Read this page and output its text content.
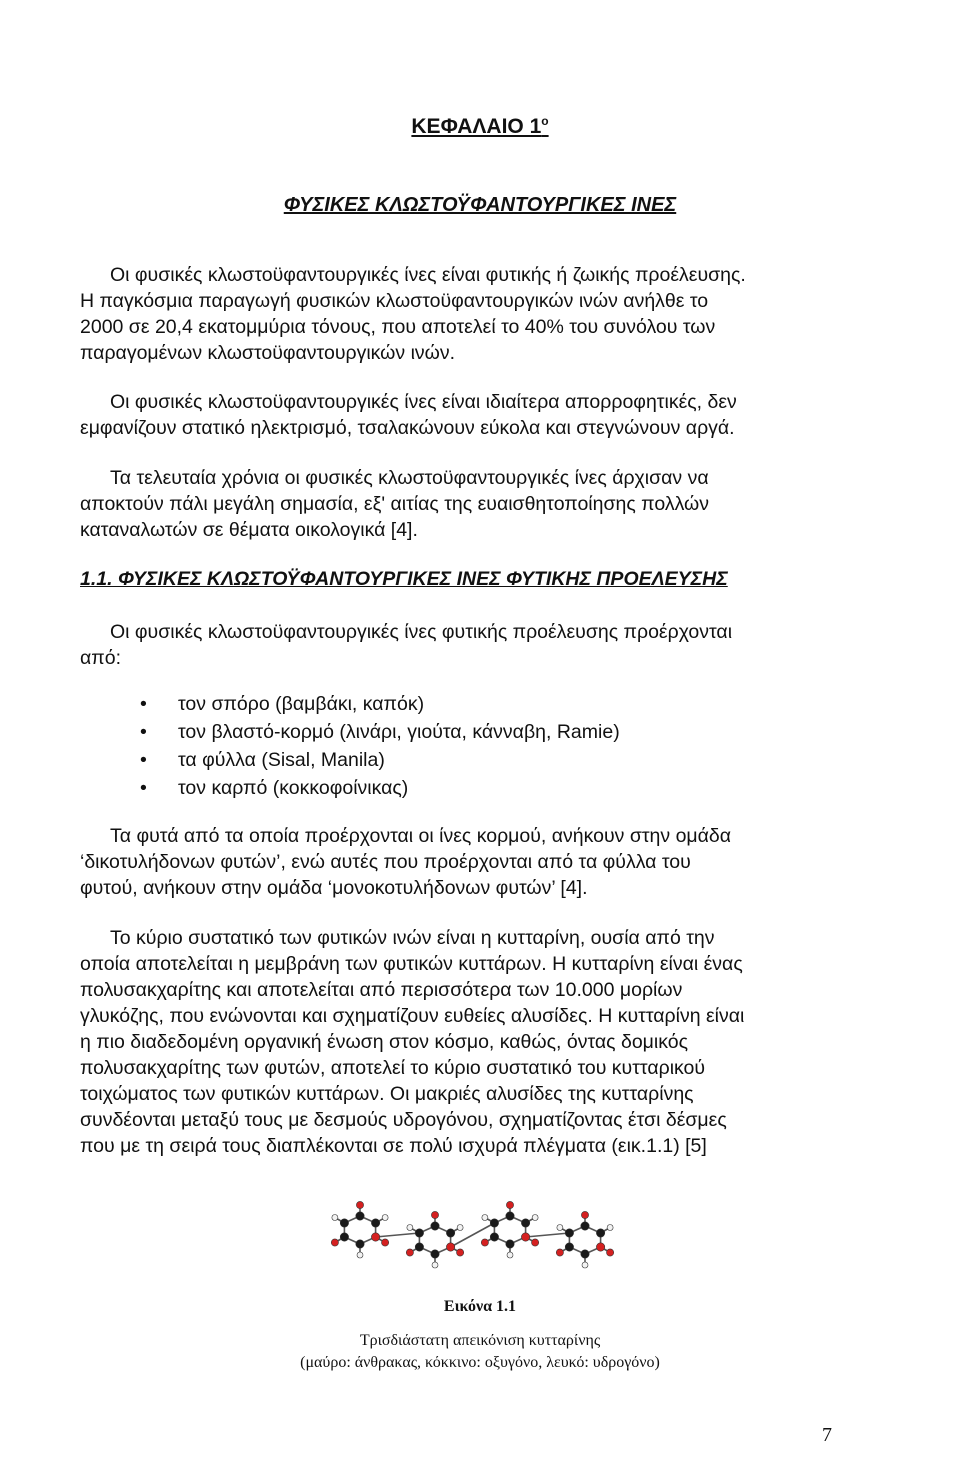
ΚΕΦΑΛΑΙΟ $1^o$
ΦΥΣΙΚΕΣ ΚΛΩΣΤΟΫΦΑΝΤΟΥΡΓΙΚΕΣ ΙΝΕΣ

Οι φυσικές κλωστοϋφαντουργικές ίνες είναι φυτικής ή ζωικής προέλευσης.
Η παγκόσμια παραγωγή φυσικών κλωστοϋφαντουργικών ινών ανήλθε το
2000 σε 20,4 εκατομμύρια τόνους, που αποτελεί το 40% του συνόλου των
παραγομένων κλωστοϋφαντουργικών ινών.

Οι φυσικές κλωστοϋφαντουργικές ίνες είναι ιδιαίτερα απορροφητικές, δεν
εμφανίζουν στατικό ηλεκτρισμό, τσαλακώνουν εύκολα και στεγνώνουν αργά.

Τα τελευταία χρόνια οι φυσικές κλωστοϋφαντουργικές ίνες άρχισαν να
αποκτούν πάλι μεγάλη σημασία, εξ' αιτίας της ευαισθητοποίησης πολλών
καταναλωτών σε θέματα οικολογικά [4].

1.1. ΦΥΣΙΚΕΣ ΚΛΩΣΤΟΫΦΑΝΤΟΥΡΓΙΚΕΣ ΙΝΕΣ ΦΥΤΙΚΗΣ ΠΡΟΕΛΕΥΣΗΣ

Οι φυσικές κλωστοϋφαντουργικές ίνες φυτικής προέλευσης προέρχονται
από:

• τον σπόρο (βαμβάκι, καπόκ)
• τον βλαστό-κορμό (λινάρι, γιούτα, κάνναβη, Ramie)
• τα φύλλα (Sisal, Manila)
• τον καρπό (κοκκοφοίνικας)

Τα φυτά από τα οποία προέρχονται οι ίνες κορμού, ανήκουν στην ομάδα
‘δικοτυλήδονων φυτών’, ενώ αυτές που προέρχονται από τα φύλλα του
φυτού, ανήκουν στην ομάδα ‘μονοκοτυλήδονων φυτών’ [4].

Το κύριο συστατικό των φυτικών ινών είναι η κυτταρίνη, ουσία από την
οποία αποτελείται η μεμβράνη των φυτικών κυττάρων. Η κυτταρίνη είναι ένας
πολυσακχαρίτης και αποτελείται από περισσότερα των 10.000 μορίων
γλυκόζης, που ενώνονται και σχηματίζουν ευθείες αλυσίδες. Η κυτταρίνη είναι
η πιο διαδεδομένη οργανική ένωση στον κόσμο, καθώς, όντας δομικός
πολυσακχαρίτης των φυτών, αποτελεί το κύριο συστατικό του κυτταρικού
τοιχώματος των φυτικών κυττάρων. Οι μακριές αλυσίδες της κυτταρίνης
συνδέονται μεταξύ τους με δεσμούς υδρογόνου, σχηματίζοντας έτσι δέσμες
που με τη σειρά τους διαπλέκονται σε πολύ ισχυρά πλέγματα (εικ.1.1) [5]

Εικόνα 1.1
Τρισδιάστατη απεικόνιση κυτταρίνης
(μαύρο: άνθρακας, κόκκινο: οξυγόνο, λευκό: υδρογόνο)
7
